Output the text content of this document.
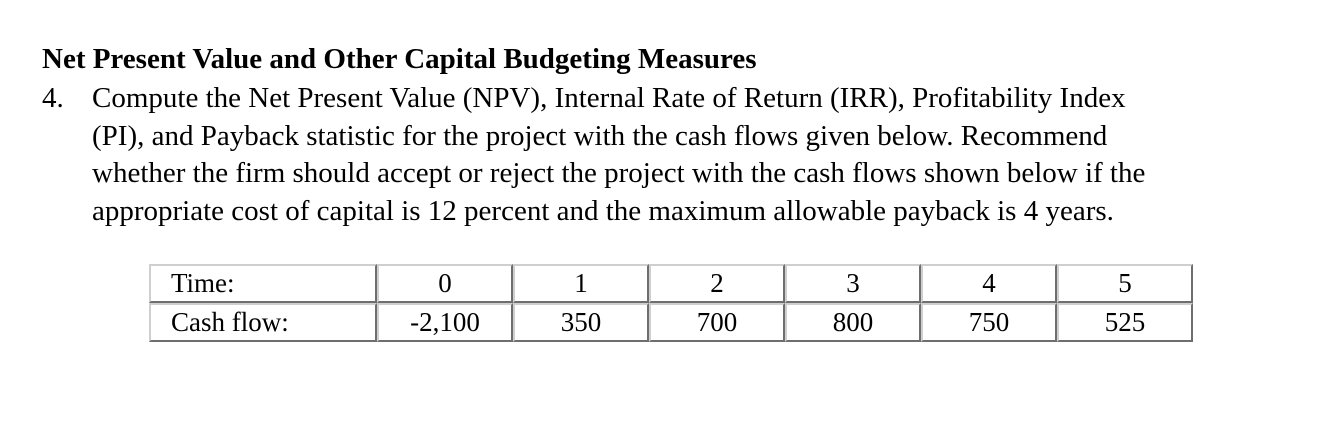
Net Present Value and Other Capital Budgeting Measures
4. Compute the Net Present Value (NPV), Internal Rate of Return (IRR), Profitability Index
(PI), and Payback statistic for the project with the cash flows given below. Recommend
whether the firm should accept or reject the project with the cash flows shown below if the
appropriate cost of capital is 12 percent and the maximum allowable payback is 4 years.
Time:	0	1	2	3	4	5
Cash flow:	-2,100	350	700	800	750	525
